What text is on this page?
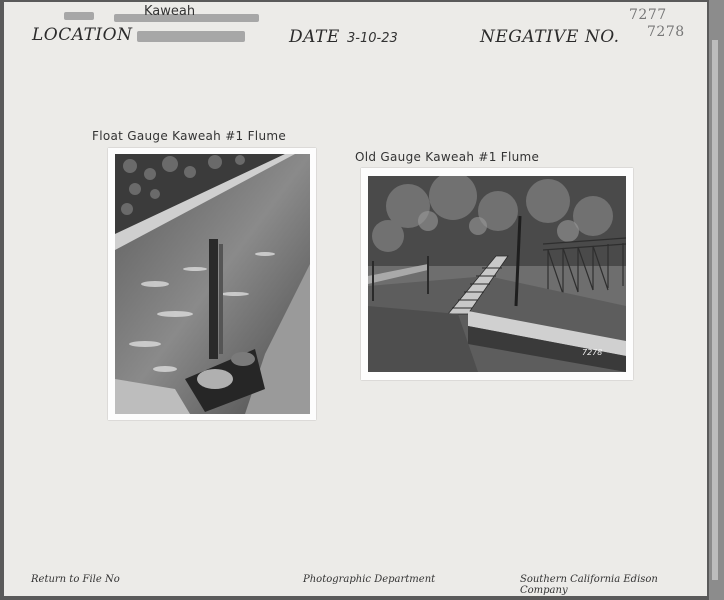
Kaweah
LOCATION	DATE 3-10-23	NEGATIVE NO.
7277
7278
Float Gauge Kaweah #1 Flume
Old Gauge Kaweah #1 Flume
7278
Return to File No	Photographic Department	Southern California Edison Company
